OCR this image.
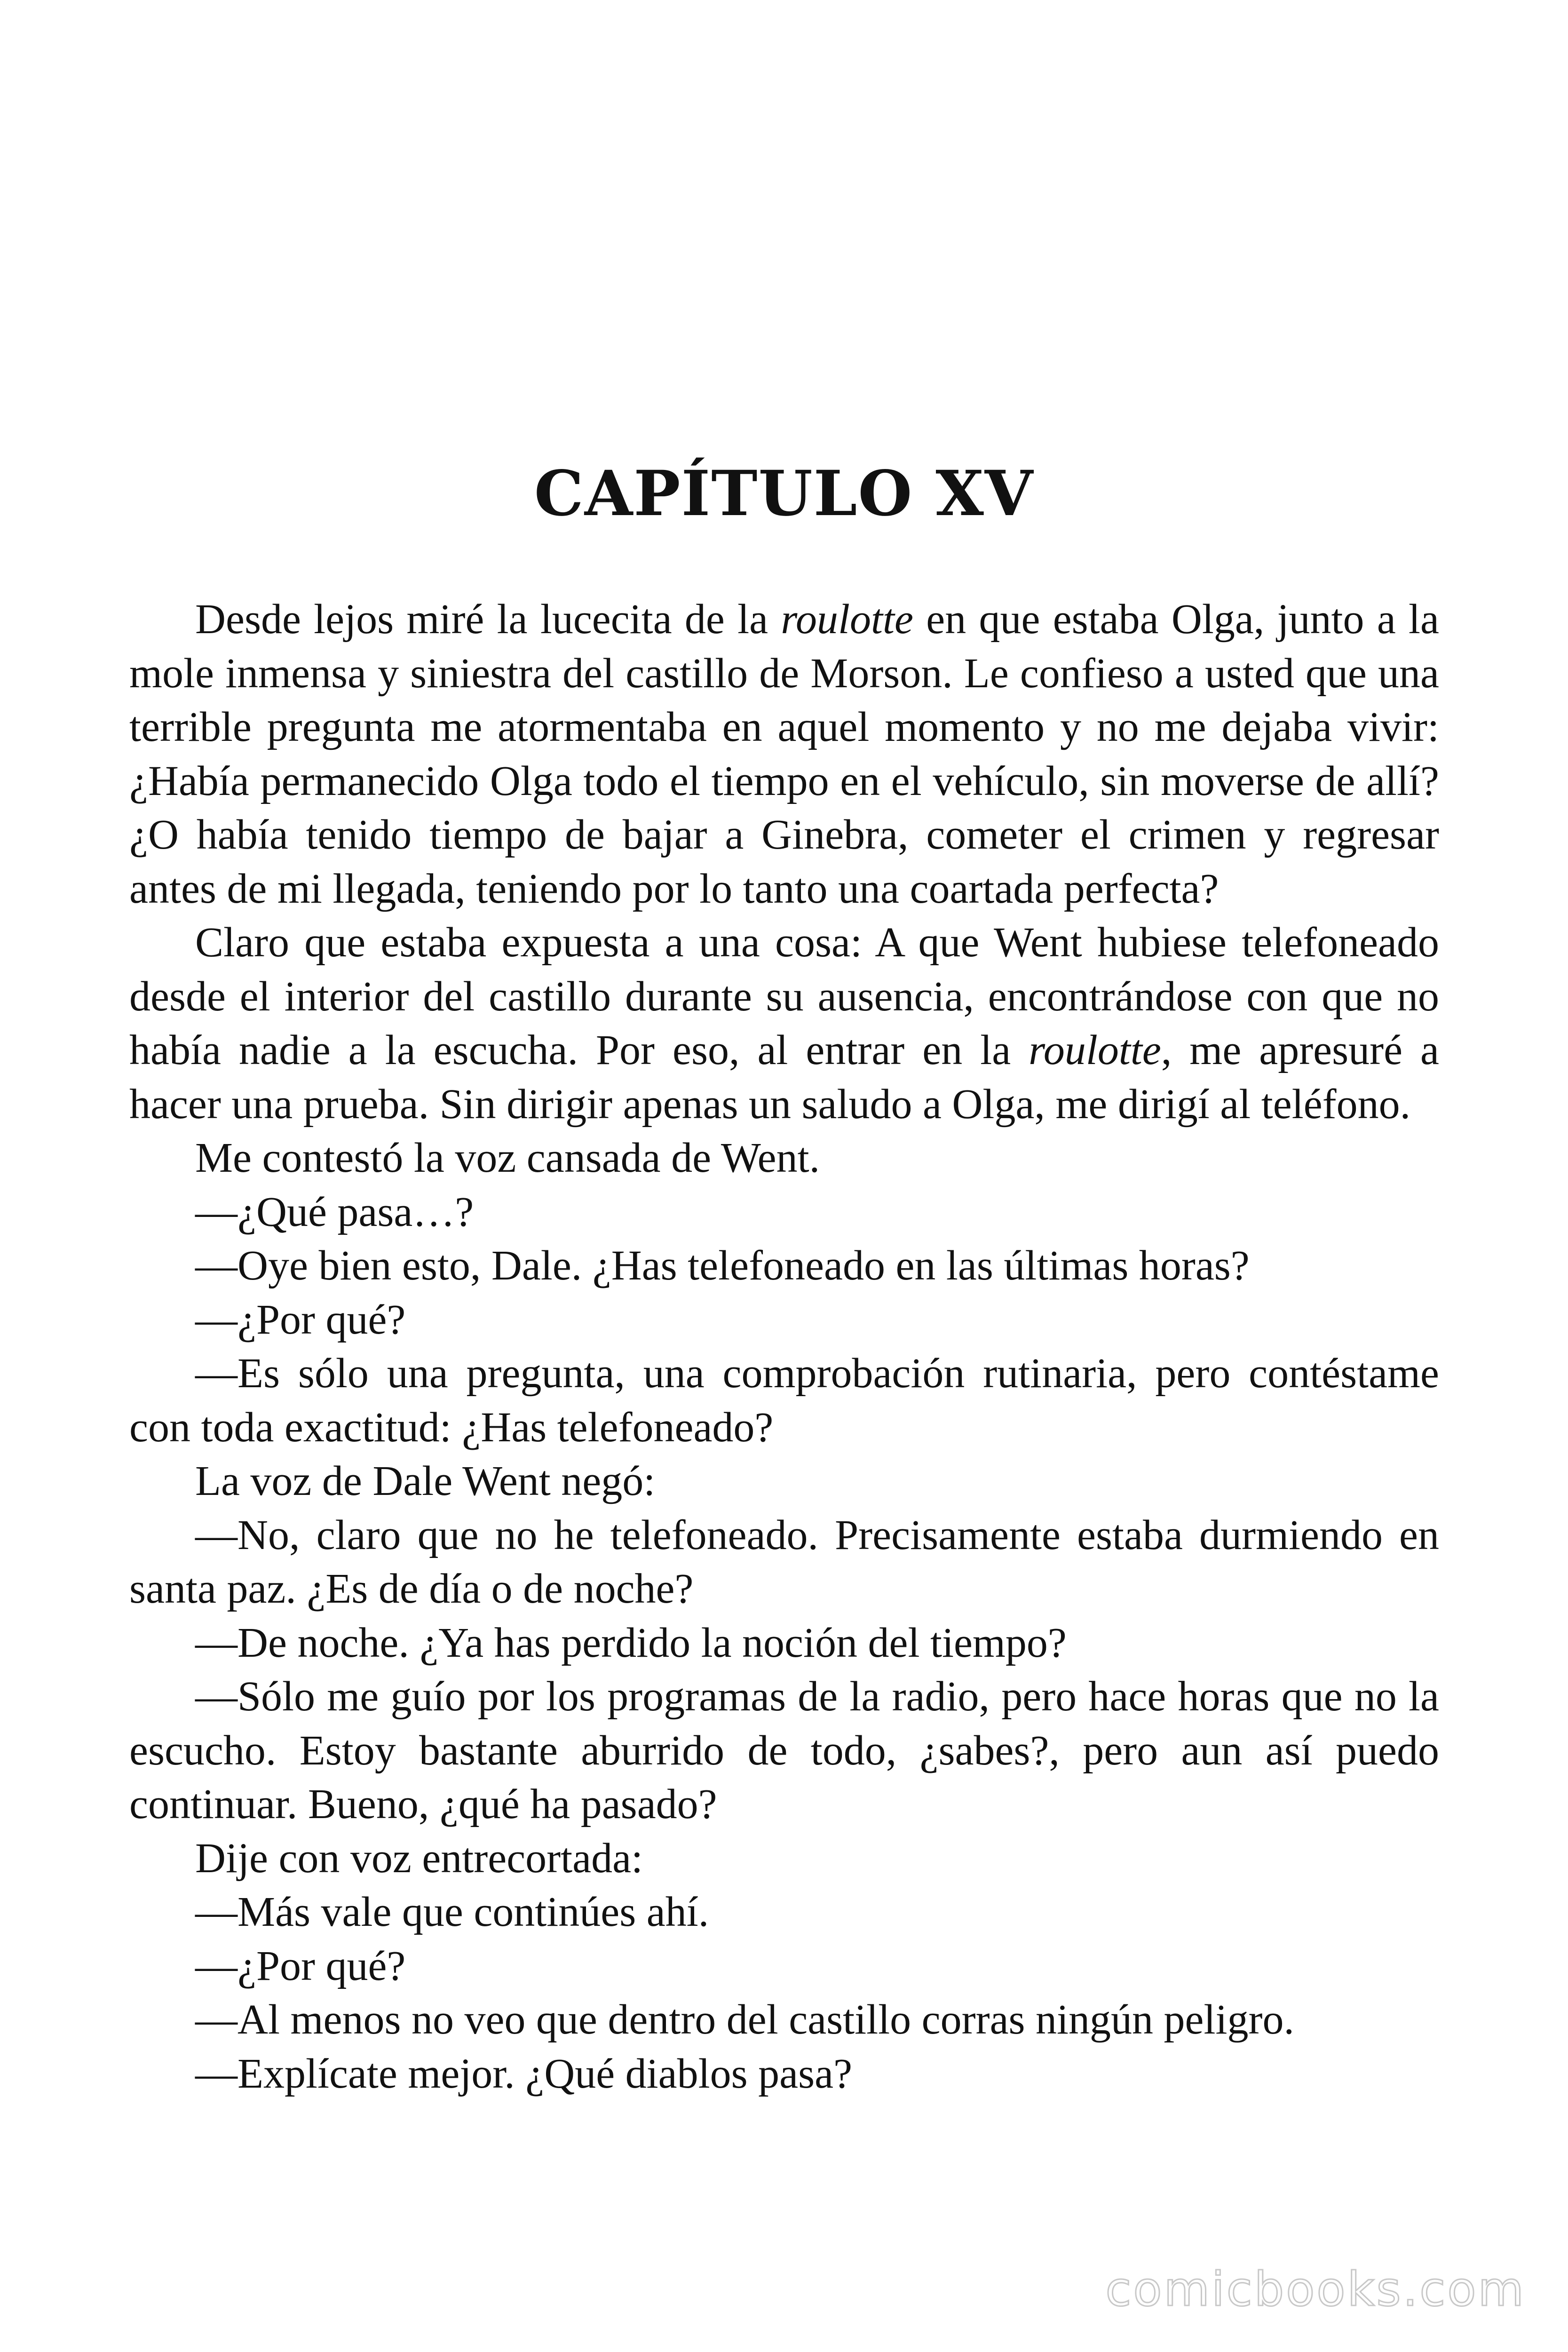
CAPÍTULO XV

Desde lejos miré la lucecita de la roulotte en que estaba Olga, junto a la mole inmensa y siniestra del castillo de Morson. Le confieso a usted que una terrible pregunta me atormentaba en aquel momento y no me dejaba vivir: ¿Había permanecido Olga todo el tiempo en el vehículo, sin moverse de allí? ¿O había tenido tiempo de bajar a Ginebra, cometer el crimen y regresar antes de mi llegada, teniendo por lo tanto una coartada perfecta?

Claro que estaba expuesta a una cosa: A que Went hubiese telefoneado desde el interior del castillo durante su ausencia, encontrándose con que no había nadie a la escucha. Por eso, al entrar en la roulotte, me apresuré a hacer una prueba. Sin dirigir apenas un saludo a Olga, me dirigí al teléfono.

Me contestó la voz cansada de Went.

—¿Qué pasa…?

—Oye bien esto, Dale. ¿Has telefoneado en las últimas horas?

—¿Por qué?

—Es sólo una pregunta, una comprobación rutinaria, pero contéstame con toda exactitud: ¿Has telefoneado?

La voz de Dale Went negó:

—No, claro que no he telefoneado. Precisamente estaba durmiendo en santa paz. ¿Es de día o de noche?

—De noche. ¿Ya has perdido la noción del tiempo?

—Sólo me guío por los programas de la radio, pero hace horas que no la escucho. Estoy bastante aburrido de todo, ¿sabes?, pero aun así puedo continuar. Bueno, ¿qué ha pasado?

Dije con voz entrecortada:

—Más vale que continúes ahí.

—¿Por qué?

—Al menos no veo que dentro del castillo corras ningún peligro.

—Explícate mejor. ¿Qué diablos pasa?

comicbooks.com
